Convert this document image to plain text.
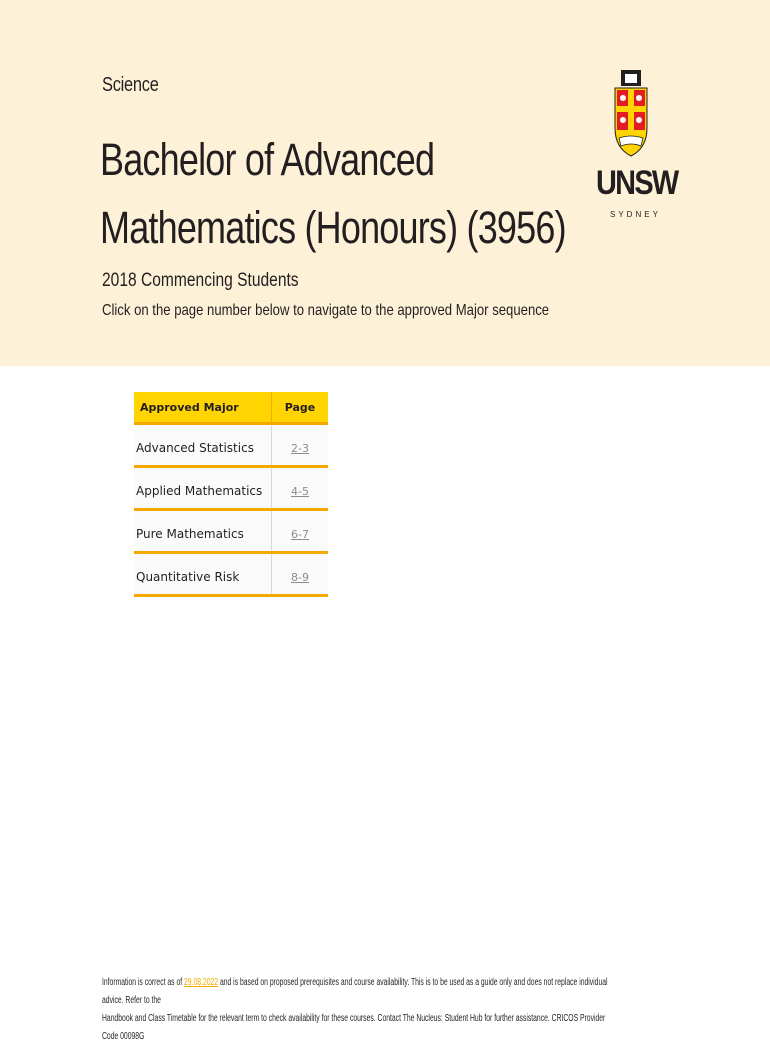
Science
Bachelor of Advanced Mathematics (Honours) (3956)
2018 Commencing Students
Click on the page number below to navigate to the approved Major sequence
UNSW
SYDNEY
Approved Major	Page
Advanced Statistics	2-3
Applied Mathematics	4-5
Pure Mathematics	6-7
Quantitative Risk	8-9
Information is correct as of 29.08.2022 and is based on proposed prerequisites and course availability. This is to be used as a guide only and does not replace individual advice. Refer to the
Handbook and Class Timetable for the relevant term to check availability for these courses. Contact The Nucleus: Student Hub for further assistance. CRICOS Provider Code 00098G
